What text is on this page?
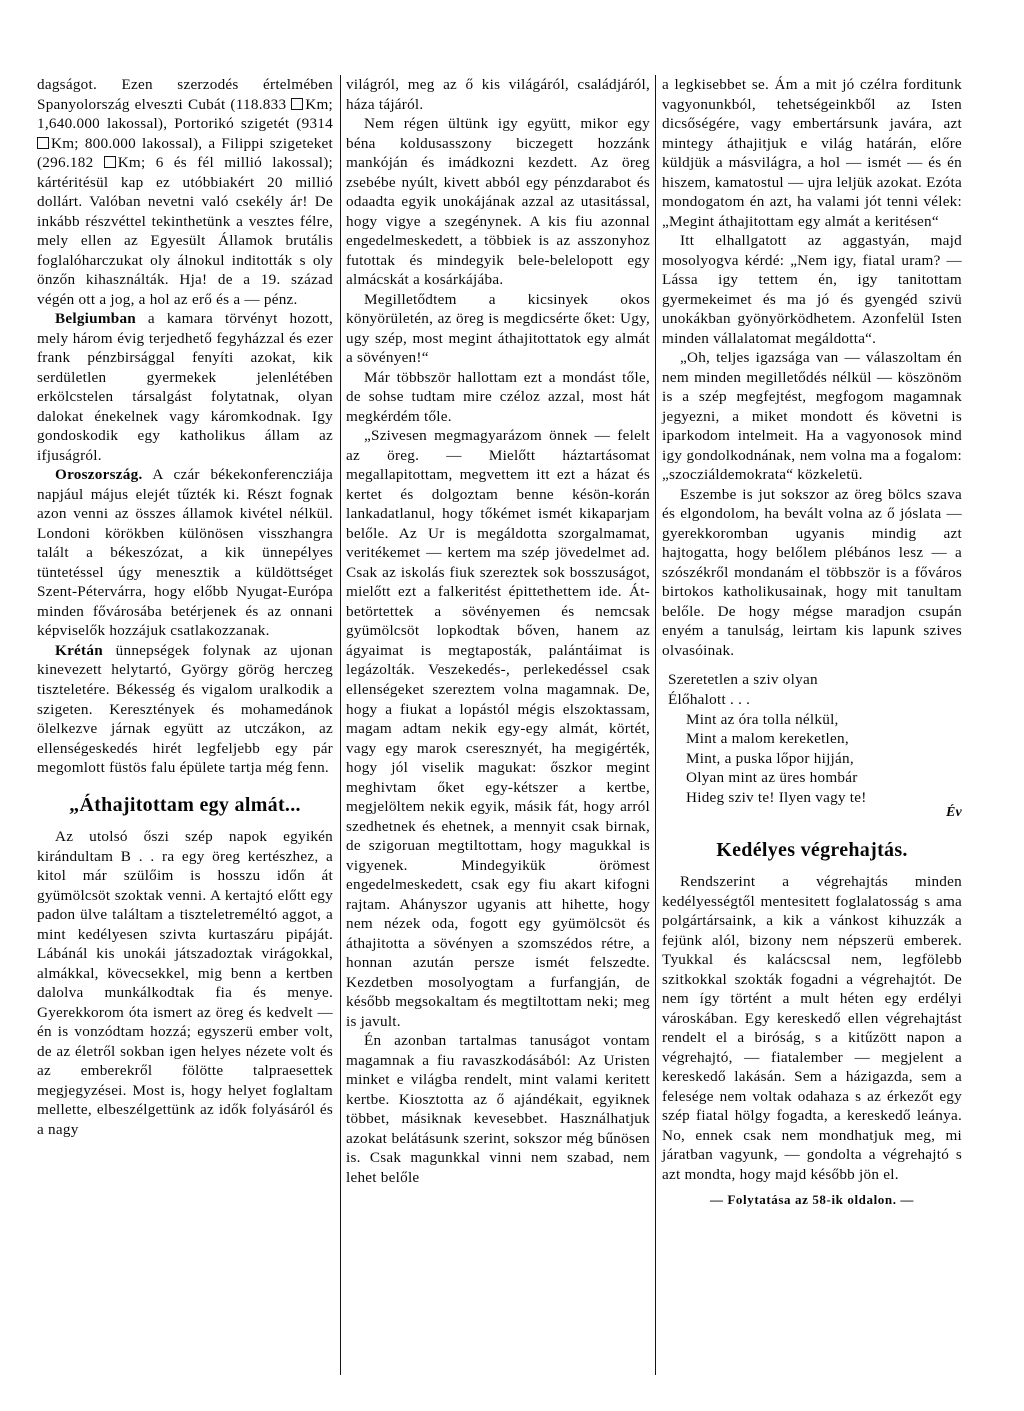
dagságot. Ezen szerzodés értelmében Spanyolország elveszti Cubát (118.833 Km; 1,640.000 lakossal), Portorikó szigetét (9314 Km; 800.000 lakossal), a Filippi szigeteket (296.182 Km; 6 és fél millió lakossal); kártéritésül kap ez utóbbiakért 20 millió dollárt. Valóban nevetni való csekély ár! De inkább részvéttel tekinthetünk a vesztes félre, mely ellen az Egyesült Államok brutális foglalóharczukat oly álnokul inditották s oly önzőn kihasználták. Hja! de a 19. század végén ott a jog, a hol az erő és a — pénz.

Belgiumban a kamara törvényt hozott, mely három évig terjedhető fegyházzal és ezer frank pénzbirsággal fenyíti azokat, kik serdületlen gyermekek jelenlétében erkölcstelen társalgást folytatnak, olyan dalokat énekelnek vagy káromkodnak. Igy gondoskodik egy katholikus állam az ifjuságról.

Oroszország. A czár békekonferencziája napjául május elejét tűzték ki. Részt fognak azon venni az összes államok kivétel nélkül. Londoni körökben különösen visszhangra talált a békeszózat, a kik ünnepélyes tüntetéssel úgy menesztik a küldöttséget Szent-Pétervárra, hogy előbb Nyugat-Európa minden fővárosába betérjenek és az onnani képviselők hozzájuk csatlakozzanak.

Krétán ünnepségek folynak az ujonan kinevezett helytartó, György görög herczeg tiszteletére. Békesség és vigalom uralkodik a szigeten. Keresztények és mohamedánok ölelkezve járnak együtt az utczákon, az ellenségeskedés hirét legfeljebb egy pár megomlott füstös falu épülete tartja még fenn.

„Áthajitottam egy almát...

Az utolsó őszi szép napok egyikén kirándultam B . . ra egy öreg kertészhez, a kitol már szülőim is hosszu időn át gyümölcsöt szoktak venni. A kertajtó előtt egy padon ülve találtam a tiszteletreméltó aggot, a mint kedélyesen szivta kurtaszáru pipáját. Lábánál kis unokái játszadoztak virágokkal, almákkal, kövecsekkel, mig benn a kertben dalolva munkálkodtak fia és menye. Gyerekkorom óta ismert az öreg és kedvelt — én is vonzódtam hozzá; egyszerü ember volt, de az életről sokban igen helyes nézete volt és az emberekről fölötte talpraesettek megjegyzései. Most is, hogy helyet foglaltam mellette, elbeszélgettünk az idők folyásáról és a nagy

világról, meg az ő kis világáról, családjáról, háza tájáról.

Nem régen ültünk igy együtt, mikor egy béna koldusasszony biczegett hozzánk mankóján és imádkozni kezdett. Az öreg zsebébe nyúlt, kivett abból egy pénzdarabot és odaadta egyik unokájának azzal az utasitással, hogy vigye a szegénynek. A kis fiu azonnal engedelmeskedett, a többiek is az asszonyhoz futottak és mindegyik bele-belelopott egy almácskát a kosárkájába.

Megilletődtem a kicsinyek okos könyörületén, az öreg is megdicsérte őket: Ugy, ugy szép, most megint áthajitottatok egy almát a sövényen!“

Már többször hallottam ezt a mondást tőle, de sohse tudtam mire czéloz azzal, most hát megkérdém tőle.

„Szivesen megmagyarázom önnek — felelt az öreg. — Mielőtt háztartásomat megallapitottam, megvettem itt ezt a házat és kertet és dolgoztam benne késön-korán lankadatlanul, hogy tőkémet ismét kikaparjam belőle. Az Ur is megáldotta szorgalmamat, veritékemet — kertem ma szép jövedelmet ad. Csak az iskolás fiuk szereztek sok bosszuságot, mielőtt ezt a falkeritést épittethettem ide. Át-betörtettek a sövényemen és nemcsak gyümölcsöt lopkodtak bőven, hanem az ágyaimat is megtaposták, palántáimat is legázolták. Veszekedés-, perlekedéssel csak ellenségeket szereztem volna magamnak. De, hogy a fiukat a lopástól mégis elszoktassam, magam adtam nekik egy-egy almát, körtét, vagy egy marok cseresznyét, ha megigérték, hogy jól viselik magukat: őszkor megint meghivtam őket egy-kétszer a kertbe, megjelöltem nekik egyik, másik fát, hogy arról szedhetnek és ehetnek, a mennyit csak birnak, de szigoruan megtiltottam, hogy magukkal is vigyenek. Mindegyikük örömest engedelmeskedett, csak egy fiu akart kifogni rajtam. Ahányszor ugyanis att hihette, hogy nem nézek oda, fogott egy gyümölcsöt és áthajitotta a sövényen a szomszédos rétre, a honnan azután persze ismét felszedte. Kezdetben mosolyogtam a furfangján, de később megsokaltam és megtiltottam neki; meg is javult.

Én azonban tartalmas tanuságot vontam magamnak a fiu ravaszkodásából: Az Uristen minket e világba rendelt, mint valami keritett kertbe. Kiosztotta az ő ajándékait, egyiknek többet, másiknak kevesebbet. Használhatjuk azokat belátásunk szerint, sokszor még bűnösen is. Csak magunkkal vinni nem szabad, nem lehet belőle

a legkisebbet se. Ám a mit jó czélra forditunk vagyonunkból, tehetségeinkből az Isten dicsőségére, vagy embertársunk javára, azt mintegy áthajitjuk e világ határán, előre küldjük a másvilágra, a hol — ismét — és én hiszem, kamatostul — ujra leljük azokat. Ezóta mondogatom én azt, ha valami jót tenni vélek: „Megint áthajitottam egy almát a keritésen“

Itt elhallgatott az aggastyán, majd mosolyogva kérdé: „Nem igy, fiatal uram? — Lássa igy tettem én, igy tanitottam gyermekeimet és ma jó és gyengéd szivü unokákban gyönyörködhetem. Azonfelül Isten minden vállalatomat megáldotta“.

„Oh, teljes igazsága van — válaszoltam én nem minden megilletődés nélkül — köszönöm is a szép megfejtést, megfogom magamnak jegyezni, a miket mondott és követni is iparkodom intelmeit. Ha a vagyonosok mind igy gondolkodnának, nem volna ma a fogalom: „szocziáldemokrata“ közkeletü.

Eszembe is jut sokszor az öreg bölcs szava és elgondolom, ha bevált volna az ő jóslata — gyerekkoromban ugyanis mindig azt hajtogatta, hogy belőlem plébános lesz — a szószékről mondanám el többször is a főváros birtokos katholikusainak, hogy mit tanultam belőle. De hogy mégse maradjon csupán enyém a tanulság, leirtam kis lapunk szives olvasóinak.

Szeretetlen a sziv olyan
Élőhalott . . .
Mint az óra tolla nélkül,
Mint a malom kereketlen,
Mint, a puska lőpor hijján,
Olyan mint az üres hombár
Hideg sziv te! Ilyen vagy te!
Év
Kedélyes végrehajtás.

Rendszerint a végrehajtás minden kedélyességtől mentesitett foglalatosság s ama polgártársaink, a kik a vánkost kihuzzák a fejünk alól, bizony nem népszerü emberek. Tyukkal és kalácscsal nem, legfölebb szitkokkal szokták fogadni a végrehajtót. De nem így történt a mult héten egy erdélyi városkában. Egy kereskedő ellen végrehajtást rendelt el a biróság, s a kitűzött napon a végrehajtó, — fiatalember — megjelent a kereskedő lakásán. Sem a házigazda, sem a felesége nem voltak odahaza s az érkezőt egy szép fiatal hölgy fogadta, a kereskedő leánya. No, ennek csak nem mondhatjuk meg, mi járatban vagyunk, — gondolta a végrehajtó s azt mondta, hogy majd később jön el.

— Folytatása az 58-ik oldalon. —
